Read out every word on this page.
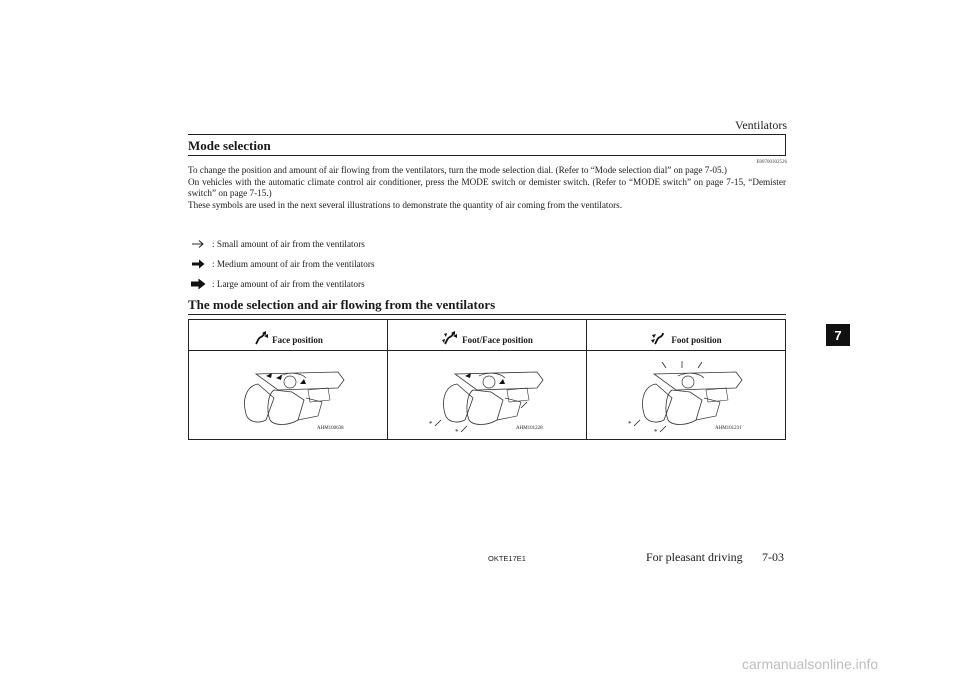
Ventilators
7
Mode selection
E00700302526

To change the position and amount of air flowing from the ventilators, turn the mode selection dial. (Refer to “Mode selection dial” on page 7-05.)

On vehicles with the automatic climate control air conditioner, press the MODE switch or demister switch. (Refer to “MODE switch” on page 7-15, “Demister switch” on page 7-15.)

These symbols are used in the next several illustrations to demonstrate the quantity of air coming from the ventilators.

: Small amount of air from the ventilators
: Medium amount of air from the ventilators
: Large amount of air from the ventilators
The mode selection and air flowing from the ventilators
Face position	Foot/Face position	Foot position

AHM100638	*
* AHM101228	*
* AHM101231
OKTE17E1	For pleasant driving 7-03
carmanualsonline.info
